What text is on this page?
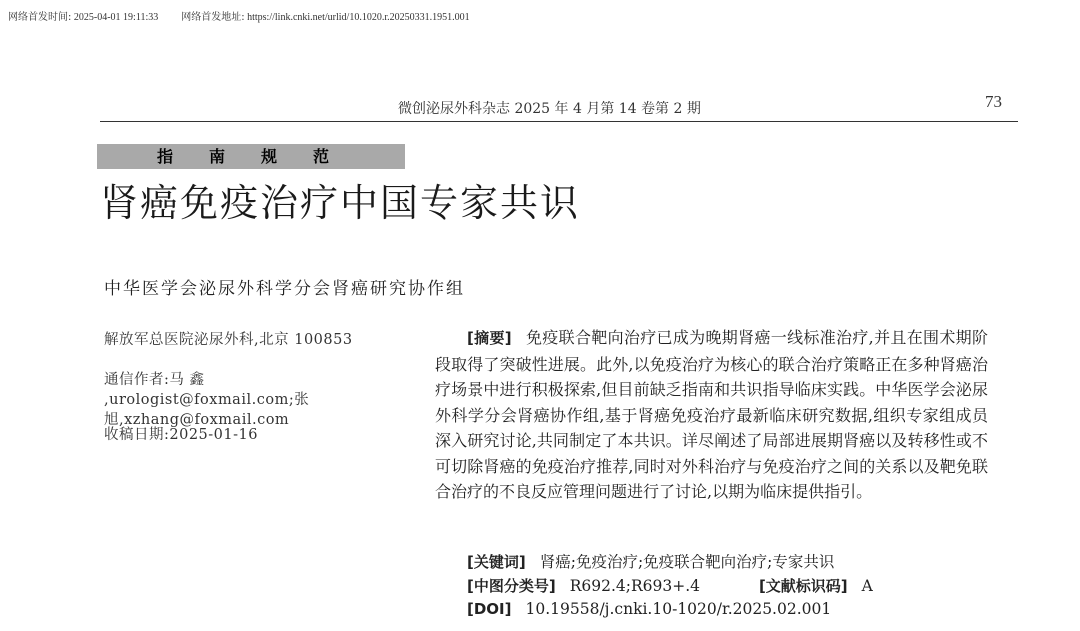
网络首发时间: 2025-04-01 19:11:33 网络首发地址: https://link.cnki.net/urlid/10.1020.r.20250331.1951.001
微创泌尿外科杂志 2025 年 4 月第 14 卷第 2 期	73
指南规范
肾癌免疫治疗中国专家共识
中华医学会泌尿外科学分会肾癌研究协作组
解放军总医院泌尿外科,北京 100853
通信作者:马 鑫 ,urologist@foxmail.com;张旭,xzhang@foxmail.com
收稿日期:2025-01-16
[摘要] 免疫联合靶向治疗已成为晚期肾癌一线标准治疗,并且在围术期阶段取得了突破性进展。此外,以免疫治疗为核心的联合治疗策略正在多种肾癌治疗场景中进行积极探索,但目前缺乏指南和共识指导临床实践。中华医学会泌尿外科学分会肾癌协作组,基于肾癌免疫治疗最新临床研究数据,组织专家组成员深入研究讨论,共同制定了本共识。详尽阐述了局部进展期肾癌以及转移性或不可切除肾癌的免疫治疗推荐,同时对外科治疗与免疫治疗之间的关系以及靶免联合治疗的不良反应管理问题进行了讨论,以期为临床提供指引。
[关键词] 肾癌;免疫治疗;免疫联合靶向治疗;专家共识
[中图分类号] R692.4;R693+.4	[文献标识码] A
[DOI] 10.19558/j.cnki.10-1020/r.2025.02.001
